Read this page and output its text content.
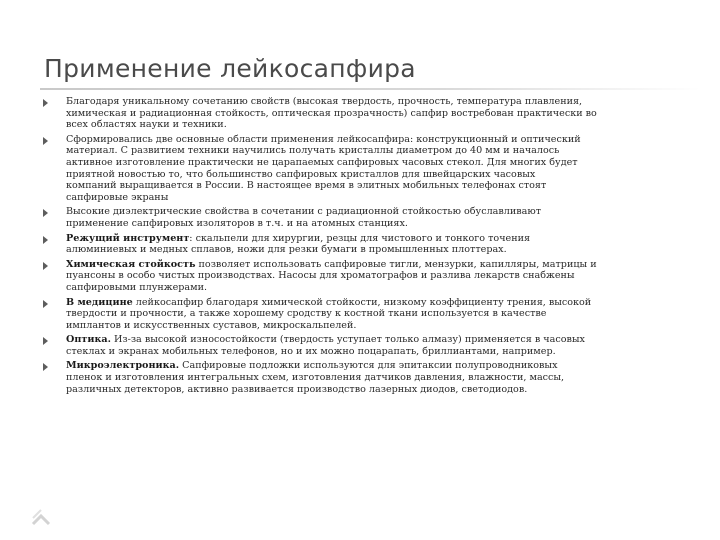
Применение лейкосапфира
Благодаря уникальному сочетанию свойств (высокая твердость, прочность, температура плавления,
химическая и радиационная стойкость, оптическая прозрачность) сапфир востребован практически во
всех областях науки и техники.
Сформировались две основные области применения лейкосапфира: конструкционный и оптический
материал. С развитием техники научились получать кристаллы диаметром до 40 мм и началось
активное изготовление практически не царапаемых сапфировых часовых стекол. Для многих будет
приятной новостью то, что большинство сапфировых кристаллов для швейцарских часовых
компаний выращивается в России. В настоящее время в элитных мобильных телефонах стоят
сапфировые экраны
Высокие диэлектрические свойства в сочетании с радиационной стойкостью обуславливают
применение сапфировых изоляторов в т.ч. и на атомных станциях.
Режущий инструмент: скальпели для хирургии, резцы для чистового и тонкого точения
алюминиевых и медных сплавов, ножи для резки бумаги в промышленных плоттерах.
Химическая стойкость позволяет использовать сапфировые тигли, мензурки, капилляры, матрицы и
пуансоны в особо чистых производствах. Насосы для хроматографов и разлива лекарств снабжены
сапфировыми плунжерами.
В медицине лейкосапфир благодаря химической стойкости, низкому коэффициенту трения, высокой
твердости и прочности, а также хорошему сродству к костной ткани используется в качестве
имплантов и искусственных суставов, микроскальпелей.
Оптика. Из-за высокой износостойкости (твердость уступает только алмазу) применяется в часовых
стеклах и экранах мобильных телефонов, но и их можно поцарапать, бриллиантами, например.
Микроэлектроника. Сапфировые подложки используются для эпитаксии полупроводниковых
пленок и изготовления интегральных схем, изготовления датчиков давления, влажности, массы,
различных детекторов, активно развивается производство лазерных диодов, светодиодов.
